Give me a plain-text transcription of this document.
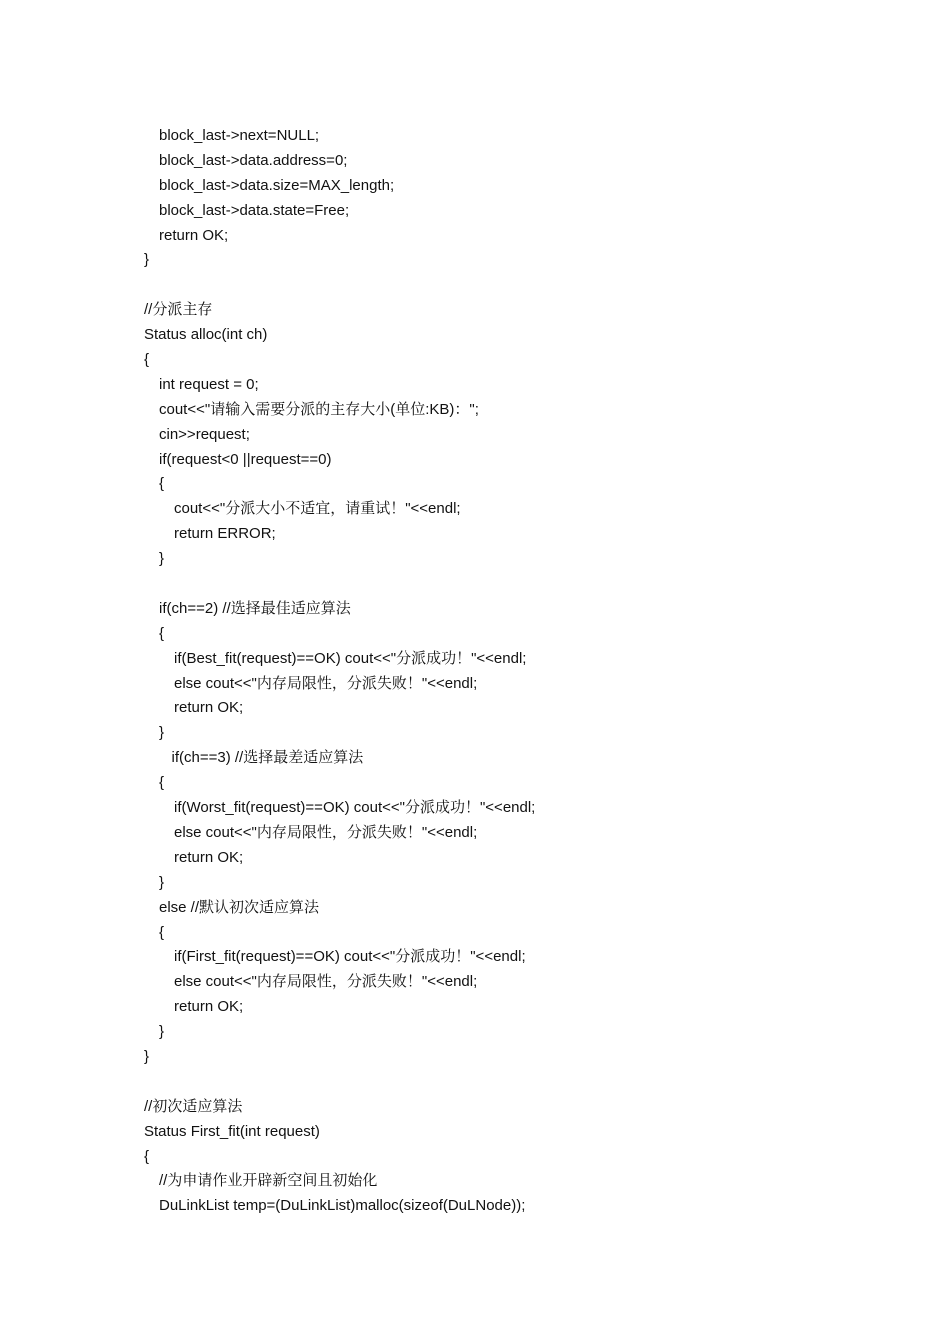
block_last->next=NULL;
block_last->data.address=0;
block_last->data.size=MAX_length;
block_last->data.state=Free;
return OK;
}
//分派主存
Status alloc(int ch)
{
int request = 0;
cout<<"请输入需要分派的主存大小(单位:KB)：";
cin>>request;
if(request<0 ||request==0)
{
cout<<"分派大小不适宜，请重试！"<<endl;
return ERROR;
}
if(ch==2) //选择最佳适应算法
{
if(Best_fit(request)==OK) cout<<"分派成功！"<<endl;
else cout<<"内存局限性，分派失败！"<<endl;
return OK;
}
if(ch==3) //选择最差适应算法
{
if(Worst_fit(request)==OK) cout<<"分派成功！"<<endl;
else cout<<"内存局限性，分派失败！"<<endl;
return OK;
}
else //默认初次适应算法
{
if(First_fit(request)==OK) cout<<"分派成功！"<<endl;
else cout<<"内存局限性，分派失败！"<<endl;
return OK;
}
}
//初次适应算法
Status First_fit(int request)
{
//为申请作业开辟新空间且初始化
DuLinkList temp=(DuLinkList)malloc(sizeof(DuLNode));
